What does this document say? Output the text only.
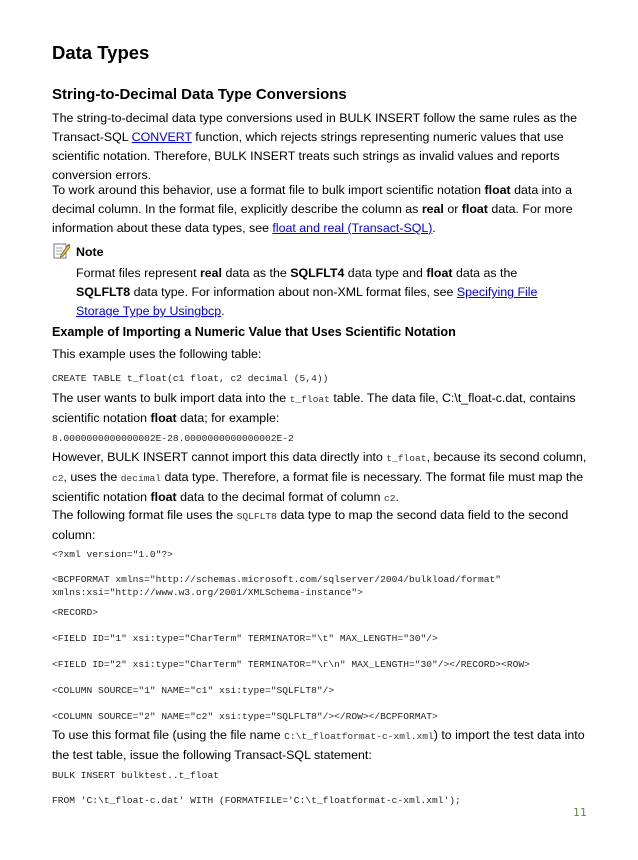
Data Types
String-to-Decimal Data Type Conversions

The string-to-decimal data type conversions used in BULK INSERT follow the same rules as the Transact-SQL CONVERT function, which rejects strings representing numeric values that use scientific notation. Therefore, BULK INSERT treats such strings as invalid values and reports conversion errors.

To work around this behavior, use a format file to bulk import scientific notation float data into a decimal column. In the format file, explicitly describe the column as real or float data. For more information about these data types, see float and real (Transact-SQL).

Note

Format files represent real data as the SQLFLT4 data type and float data as the SQLFLT8 data type. For information about non-XML format files, see Specifying File Storage Type by Usingbcp.

Example of Importing a Numeric Value that Uses Scientific Notation

This example uses the following table:

CREATE TABLE t_float(c1 float, c2 decimal (5,4))

The user wants to bulk import data into the t_float table. The data file, C:\t_float-c.dat, contains scientific notation float data; for example:

8.0000000000000002E-28.0000000000000002E-2

However, BULK INSERT cannot import this data directly into t_float, because its second column, c2, uses the decimal data type. Therefore, a format file is necessary. The format file must map the scientific notation float data to the decimal format of column c2.

The following format file uses the SQLFLT8 data type to map the second data field to the second column:

<?xml version="1.0"?>
<BCPFORMAT xmlns="http://schemas.microsoft.com/sqlserver/2004/bulkload/format"
xmlns:xsi="http://www.w3.org/2001/XMLSchema-instance">
<RECORD>
<FIELD ID="1" xsi:type="CharTerm" TERMINATOR="\t" MAX_LENGTH="30"/>
<FIELD ID="2" xsi:type="CharTerm" TERMINATOR="\r\n" MAX_LENGTH="30"/></RECORD><ROW>
<COLUMN SOURCE="1" NAME="c1" xsi:type="SQLFLT8"/>
<COLUMN SOURCE="2" NAME="c2" xsi:type="SQLFLT8"/></ROW></BCPFORMAT>

To use this format file (using the file name C:\t_floatformat-c-xml.xml) to import the test data into the test table, issue the following Transact-SQL statement:

BULK INSERT bulktest..t_float
FROM 'C:\t_float-c.dat' WITH (FORMATFILE='C:\t_floatformat-c-xml.xml');
11
